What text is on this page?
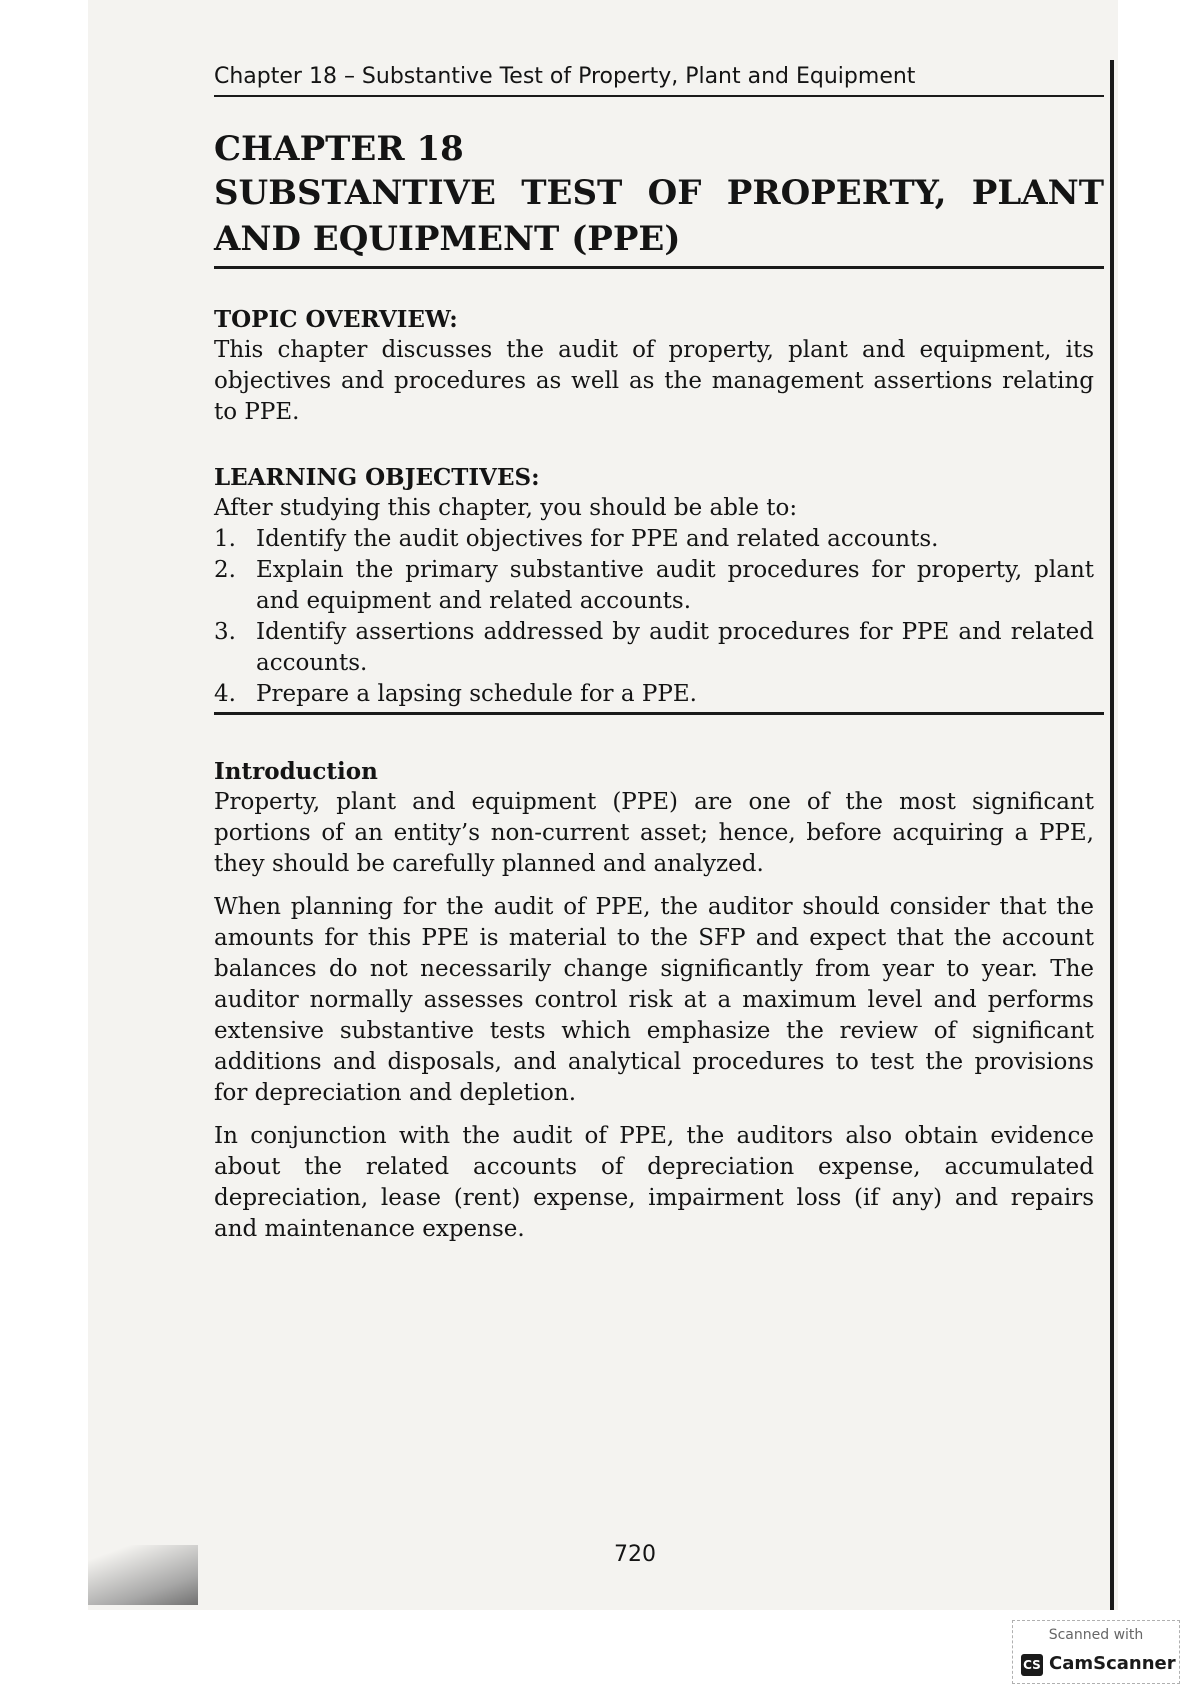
Chapter 18 – Substantive Test of Property, Plant and Equipment
CHAPTER 18
SUBSTANTIVE TEST OF PROPERTY, PLANT AND EQUIPMENT (PPE)
TOPIC OVERVIEW:
This chapter discusses the audit of property, plant and equipment, its objectives and procedures as well as the management assertions relating to PPE.
LEARNING OBJECTIVES:
After studying this chapter, you should be able to:
1. Identify the audit objectives for PPE and related accounts.
2. Explain the primary substantive audit procedures for property, plant and equipment and related accounts.
3. Identify assertions addressed by audit procedures for PPE and related accounts.
4. Prepare a lapsing schedule for a PPE.
Introduction

Property, plant and equipment (PPE) are one of the most significant portions of an entity’s non-current asset; hence, before acquiring a PPE, they should be carefully planned and analyzed.

When planning for the audit of PPE, the auditor should consider that the amounts for this PPE is material to the SFP and expect that the account balances do not necessarily change significantly from year to year. The auditor normally assesses control risk at a maximum level and performs extensive substantive tests which emphasize the review of significant additions and disposals, and analytical procedures to test the provisions for depreciation and depletion.

In conjunction with the audit of PPE, the auditors also obtain evidence about the related accounts of depreciation expense, accumulated depreciation, lease (rent) expense, impairment loss (if any) and repairs and maintenance expense.

720
Scanned with
CS CamScanner
